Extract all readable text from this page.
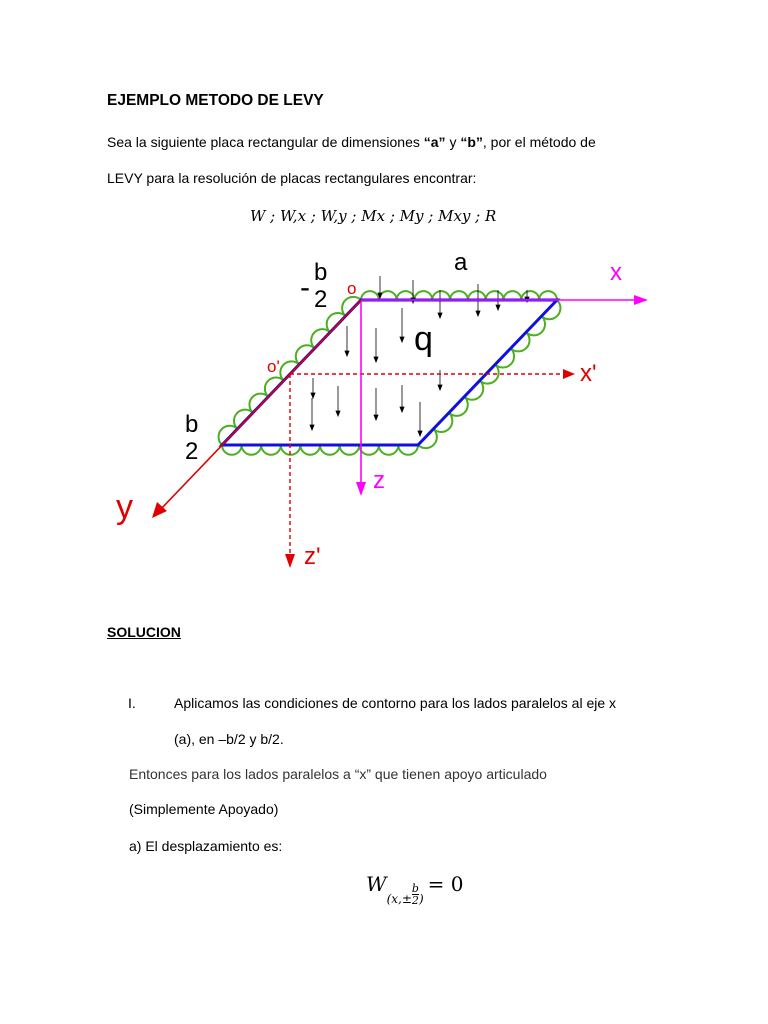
EJEMPLO METODO DE LEVY
Sea la siguiente placa rectangular de dimensiones “a” y “b”, por el método de
LEVY para la resolución de placas rectangulares encontrar:
W ; W,x ; W,y ; Mx ; My ; Mxy ; R
a	x
x'
y
z
z'
o
o'
q
- b
2
b
2
SOLUCION
I.	Aplicamos las condiciones de contorno para los lados paralelos al eje x
(a), en –b/2 y b/2.
Entonces para los lados paralelos a “x” que tienen apoyo articulado
(Simplemente Apoyado)
a) El desplazamiento es:
$W_{(x,\pm} \frac{b}{2} _)= 0$
